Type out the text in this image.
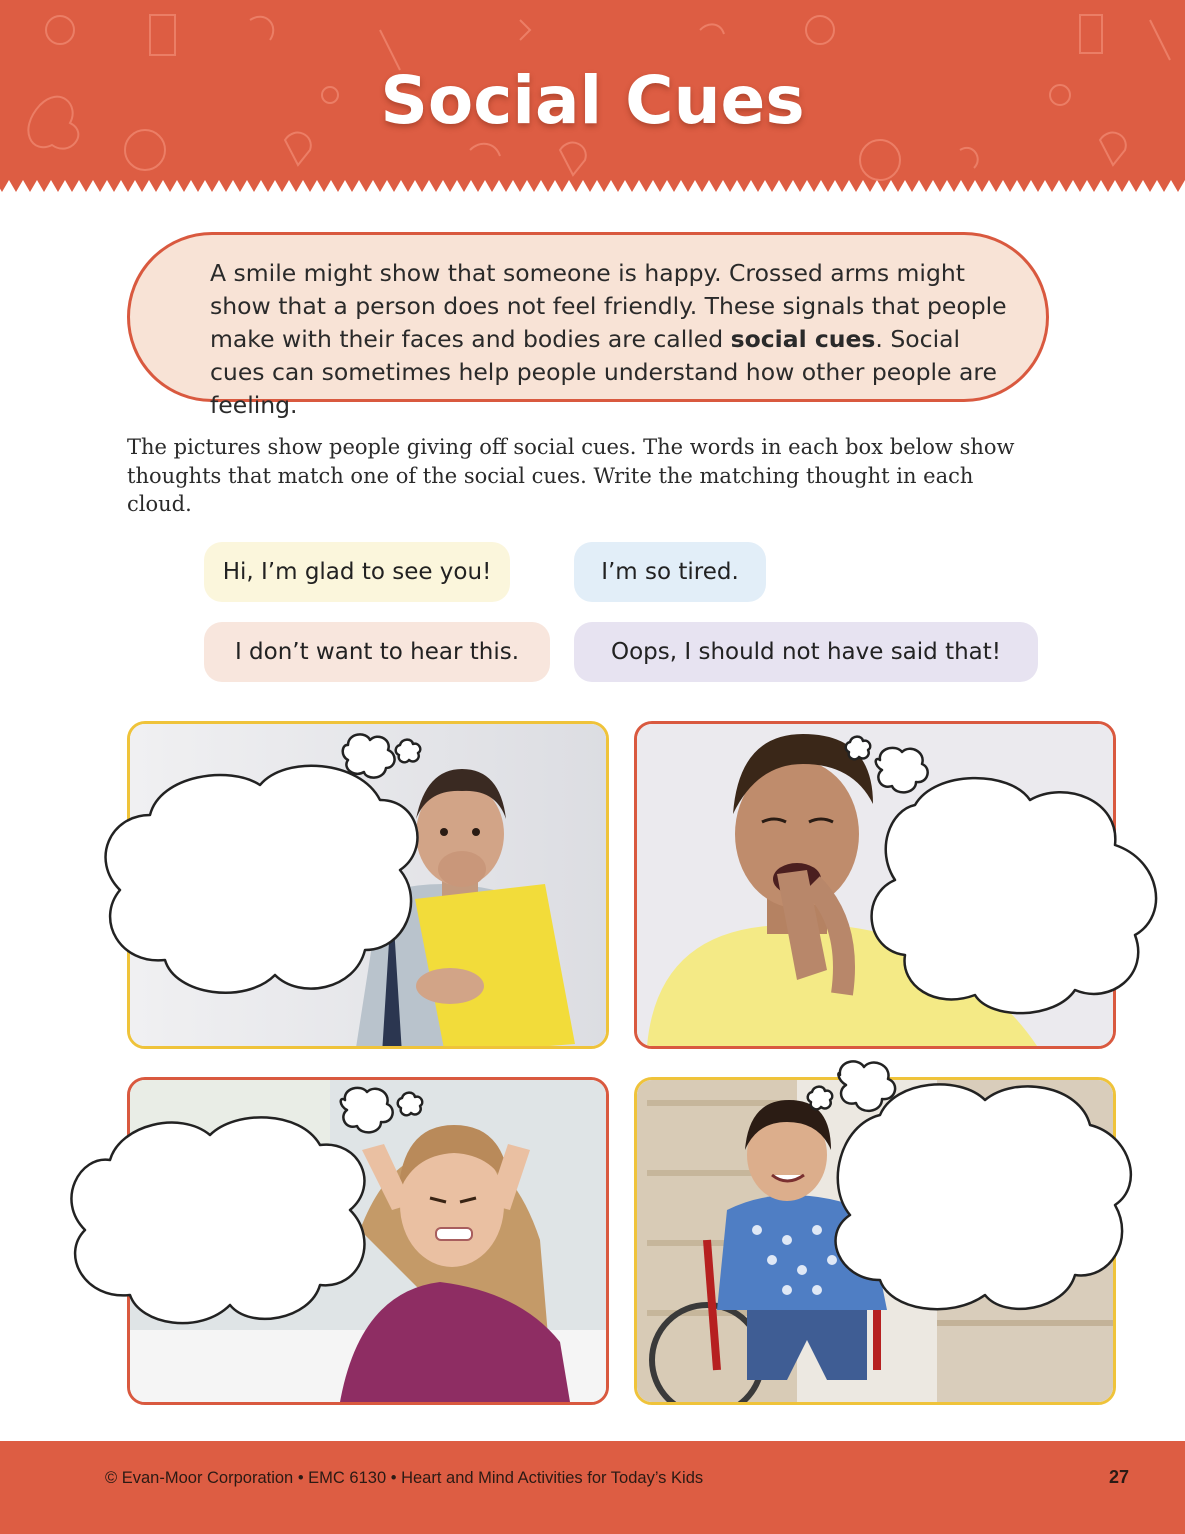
Social Cues
A smile might show that someone is happy. Crossed arms might show that a person does not feel friendly. These signals that people make with their faces and bodies are called social cues. Social cues can sometimes help people understand how other people are feeling.
The pictures show people giving off social cues. The words in each box below show thoughts that match one of the social cues. Write the matching thought in each cloud.
Hi, I’m glad to see you!	I’m so tired.
I don’t want to hear this.	Oops, I should not have said that!
© Evan-Moor Corporation • EMC 6130 • Heart and Mind Activities for Today’s Kids	27
